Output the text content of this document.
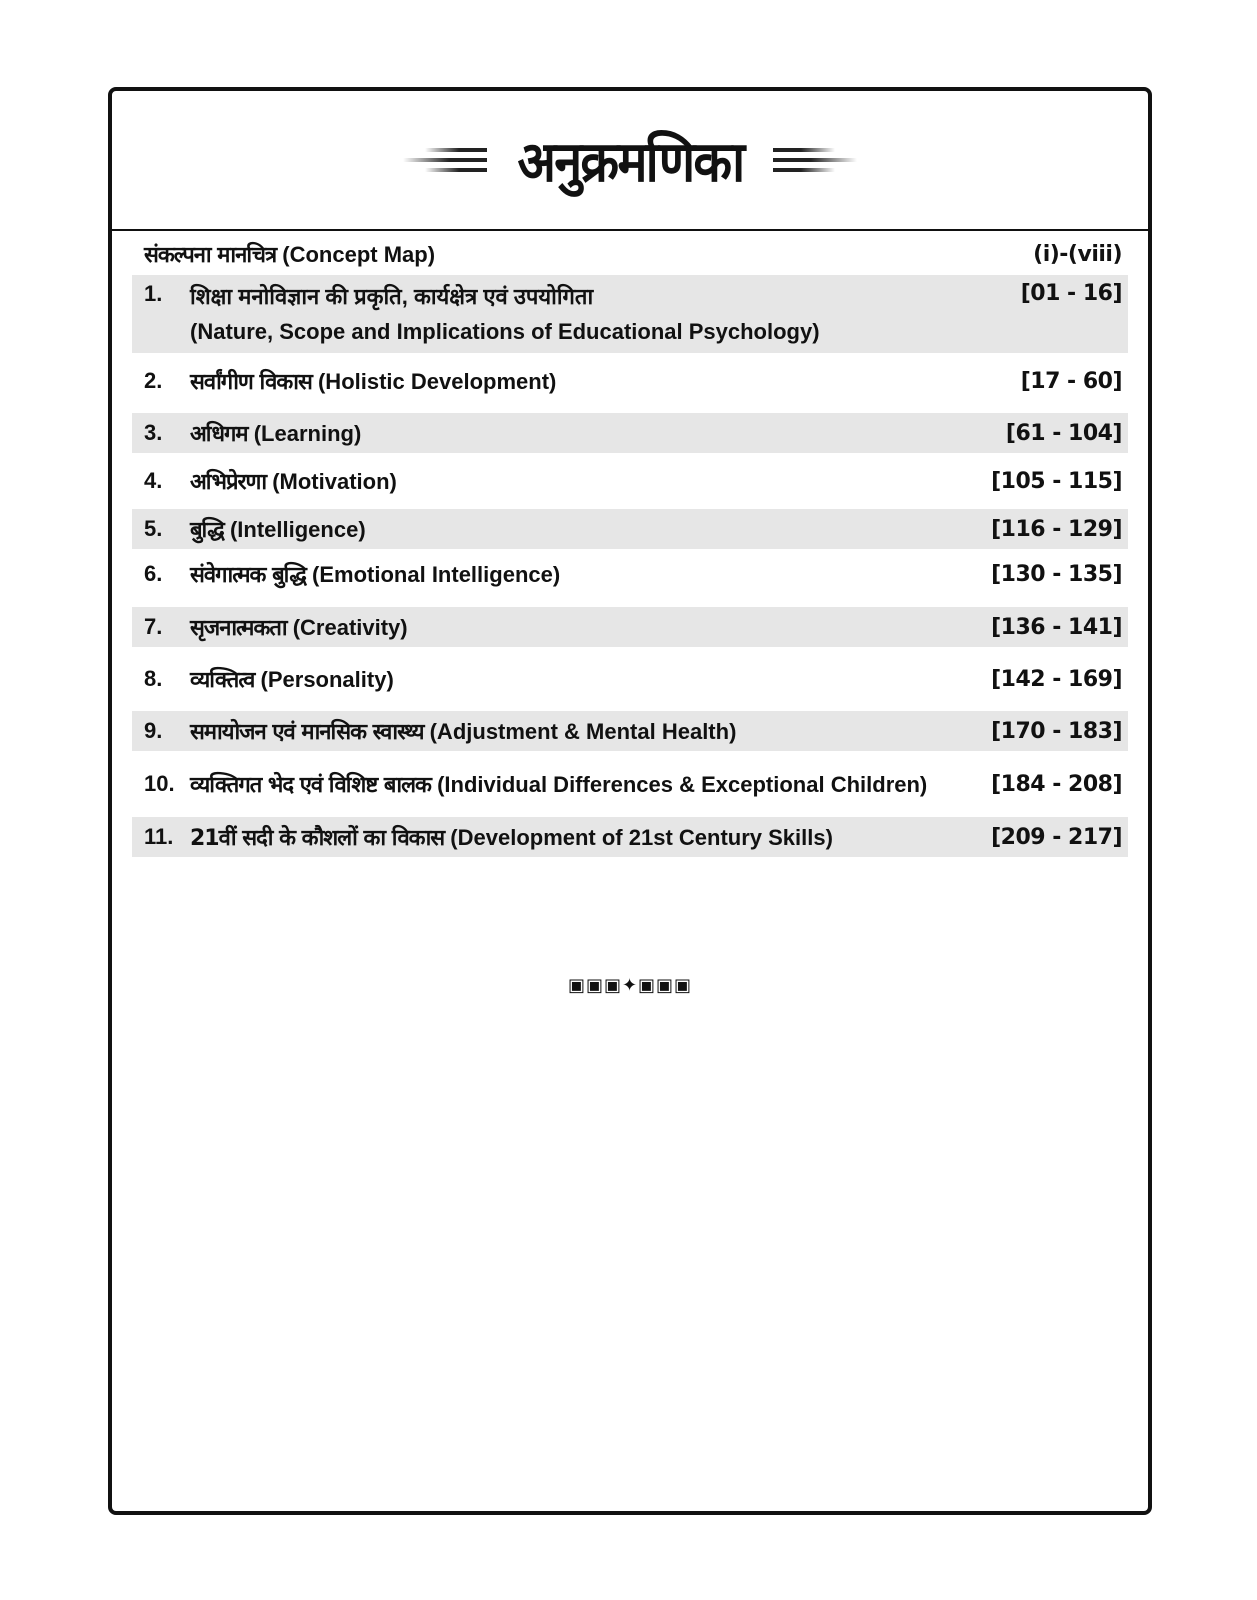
अनुक्रमणिका
संकल्पना मानचित्र (Concept Map)	(i)-(viii)
1.	शिक्षा मनोविज्ञान की प्रकृति, कार्यक्षेत्र एवं उपयोगिता	[01 - 16]
(Nature, Scope and Implications of Educational Psychology)
2.	सर्वांगीण विकास (Holistic Development)	[17 - 60]
3.	अधिगम (Learning)	[61 - 104]
4.	अभिप्रेरणा (Motivation)	[105 - 115]
5.	बुद्धि (Intelligence)	[116 - 129]
6.	संवेगात्मक बुद्धि (Emotional Intelligence)	[130 - 135]
7.	सृजनात्मकता (Creativity)	[136 - 141]
8.	व्यक्तित्व (Personality)	[142 - 169]
9.	समायोजन एवं मानसिक स्वास्थ्य (Adjustment & Mental Health)	[170 - 183]
10. व्यक्तिगत भेद एवं विशिष्ट बालक (Individual Differences & Exceptional Children)	[184 - 208]
11. 21वीं सदी के कौशलों का विकास (Development of 21st Century Skills)	[209 - 217]
▣▣▣✦▣▣▣
